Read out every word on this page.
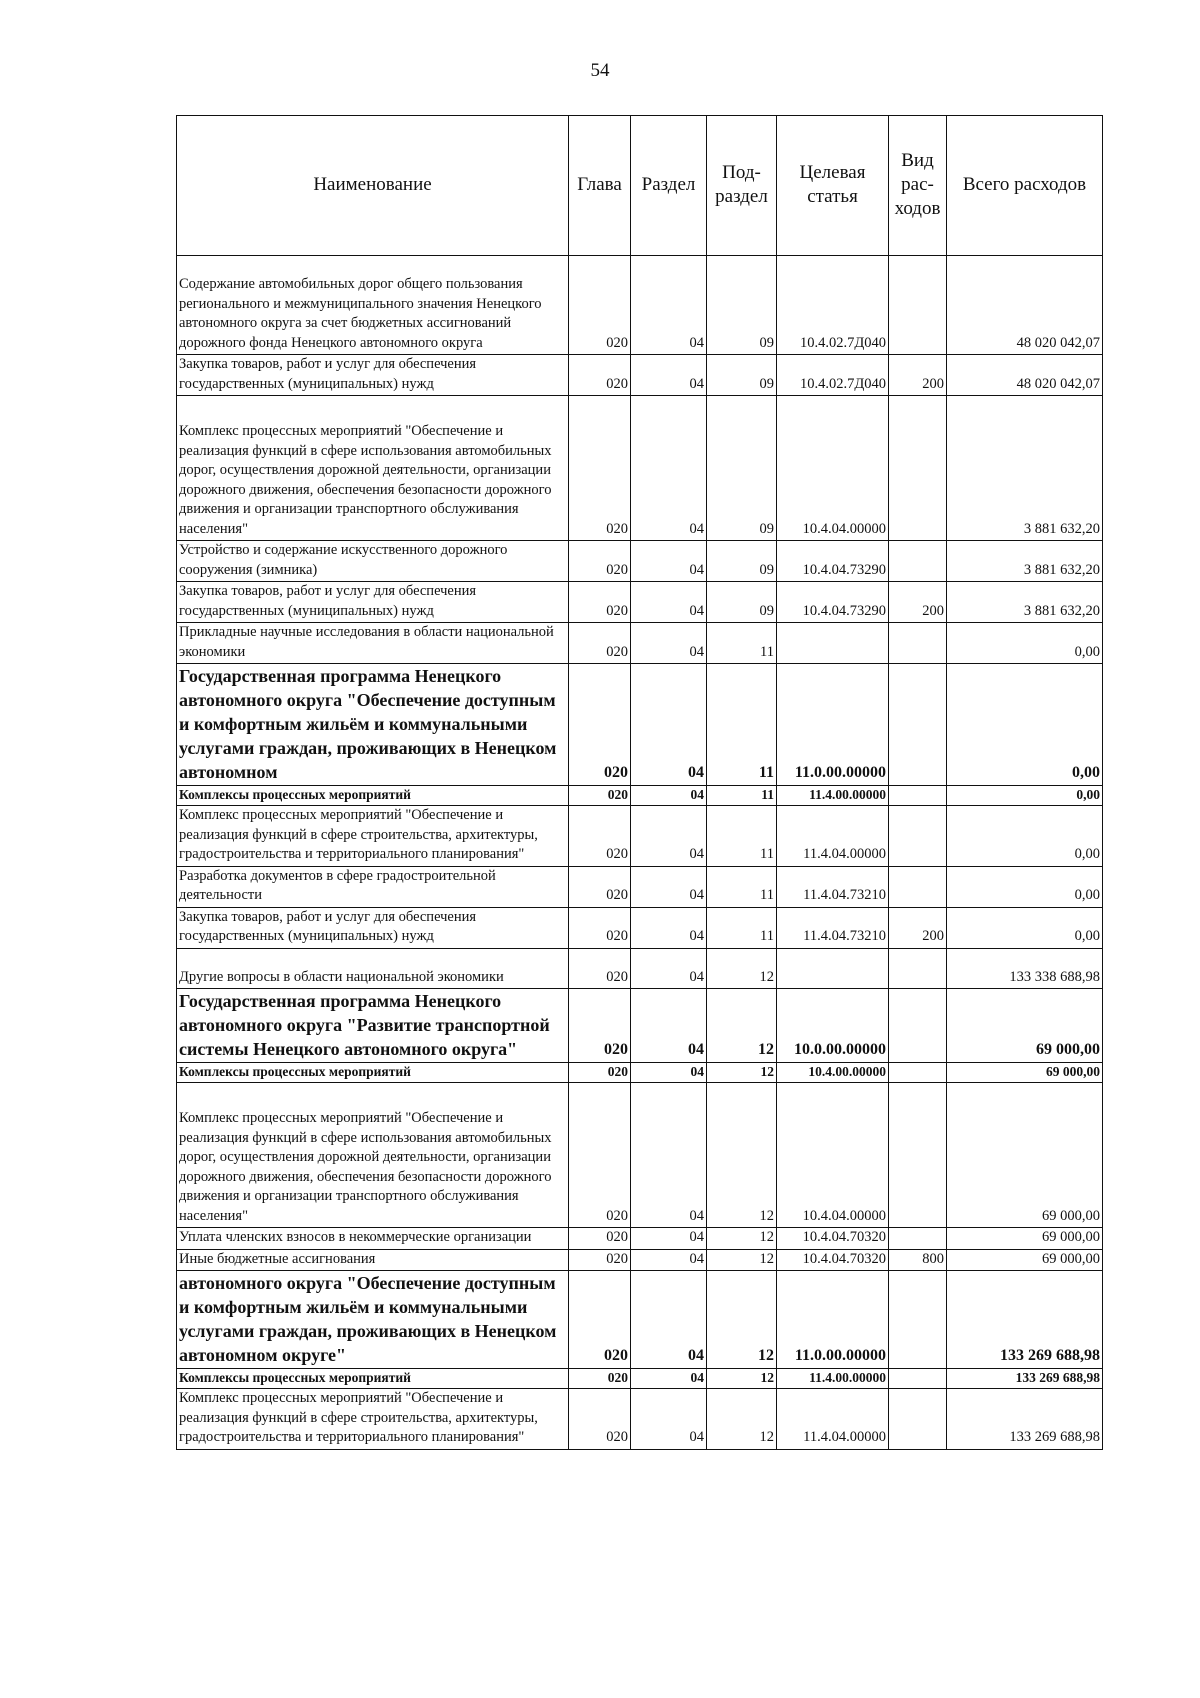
54
Наименование	Глава	Раздел	Под-раздел	Целевая статья	Вид рас-ходов	Всего расходов
Содержание автомобильных дорог общего пользования регионального и межмуниципального значения Ненецкого автономного округа за счет бюджетных ассигнований дорожного фонда Ненецкого автономного округа	020	04	09	10.4.02.7Д040		48 020 042,07
Закупка товаров, работ и услуг для обеспечения государственных (муниципальных) нужд	020	04	09	10.4.02.7Д040	200	48 020 042,07
Комплекс процессных мероприятий "Обеспечение и реализация функций в сфере использования автомобильных дорог, осуществления дорожной деятельности, организации дорожного движения, обеспечения безопасности дорожного движения и организации транспортного обслуживания населения"	020	04	09	10.4.04.00000		3 881 632,20
Устройство и содержание искусственного дорожного сооружения (зимника)	020	04	09	10.4.04.73290		3 881 632,20
Закупка товаров, работ и услуг для обеспечения государственных (муниципальных) нужд	020	04	09	10.4.04.73290	200	3 881 632,20
Прикладные научные исследования в области национальной экономики	020	04	11			0,00
Государственная программа Ненецкого автономного округа "Обеспечение доступным и комфортным жильём и коммунальными услугами граждан, проживающих в Ненецком автономном	020	04	11	11.0.00.00000		0,00
Комплексы процессных мероприятий	020	04	11	11.4.00.00000		0,00
Комплекс процессных мероприятий "Обеспечение и реализация функций в сфере строительства, архитектуры, градостроительства и территориального планирования"	020	04	11	11.4.04.00000		0,00
Разработка документов в сфере градостроительной деятельности	020	04	11	11.4.04.73210		0,00
Закупка товаров, работ и услуг для обеспечения государственных (муниципальных) нужд	020	04	11	11.4.04.73210	200	0,00
Другие вопросы в области национальной экономики	020	04	12			133 338 688,98
Государственная программа Ненецкого автономного округа "Развитие транспортной системы Ненецкого автономного округа"	020	04	12	10.0.00.00000		69 000,00
Комплексы процессных мероприятий	020	04	12	10.4.00.00000		69 000,00
Комплекс процессных мероприятий "Обеспечение и реализация функций в сфере использования автомобильных дорог, осуществления дорожной деятельности, организации дорожного движения, обеспечения безопасности дорожного движения и организации транспортного обслуживания населения"	020	04	12	10.4.04.00000		69 000,00
Уплата членских взносов в некоммерческие организации	020	04	12	10.4.04.70320		69 000,00
Иные бюджетные ассигнования	020	04	12	10.4.04.70320	800	69 000,00
автономного округа "Обеспечение доступным и комфортным жильём и коммунальными услугами граждан, проживающих в Ненецком автономном округе"	020	04	12	11.0.00.00000		133 269 688,98
Комплексы процессных мероприятий	020	04	12	11.4.00.00000		133 269 688,98
Комплекс процессных мероприятий "Обеспечение и реализация функций в сфере строительства, архитектуры, градостроительства и территориального планирования"	020	04	12	11.4.04.00000		133 269 688,98
